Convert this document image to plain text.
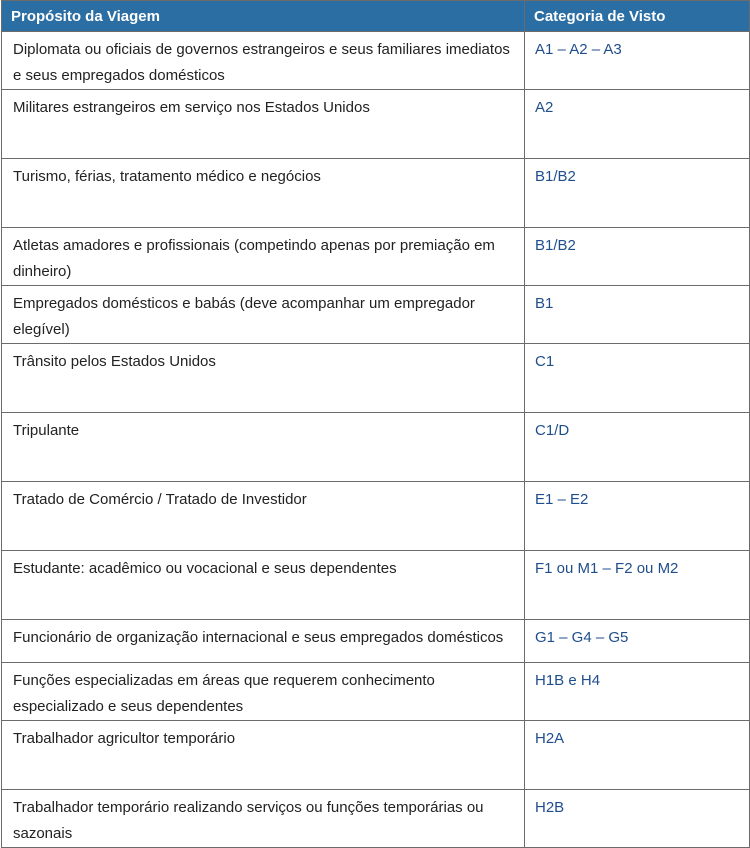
Propósito da Viagem	Categoria de Visto
Diplomata ou oficiais de governos estrangeiros e seus familiares imediatos e seus empregados domésticos	A1 – A2 – A3
Militares estrangeiros em serviço nos Estados Unidos	A2
Turismo, férias, tratamento médico e negócios	B1/B2
Atletas amadores e profissionais (competindo apenas por premiação em dinheiro)	B1/B2
Empregados domésticos e babás (deve acompanhar um empregador elegível)	B1
Trânsito pelos Estados Unidos	C1
Tripulante	C1/D
Tratado de Comércio / Tratado de Investidor	E1 – E2
Estudante: acadêmico ou vocacional e seus dependentes	F1 ou M1 – F2 ou M2
Funcionário de organização internacional e seus empregados domésticos	G1 – G4 – G5
Funções especializadas em áreas que requerem conhecimento especializado e seus dependentes	H1B e H4
Trabalhador agricultor temporário	H2A
Trabalhador temporário realizando serviços ou funções temporárias ou sazonais	H2B
